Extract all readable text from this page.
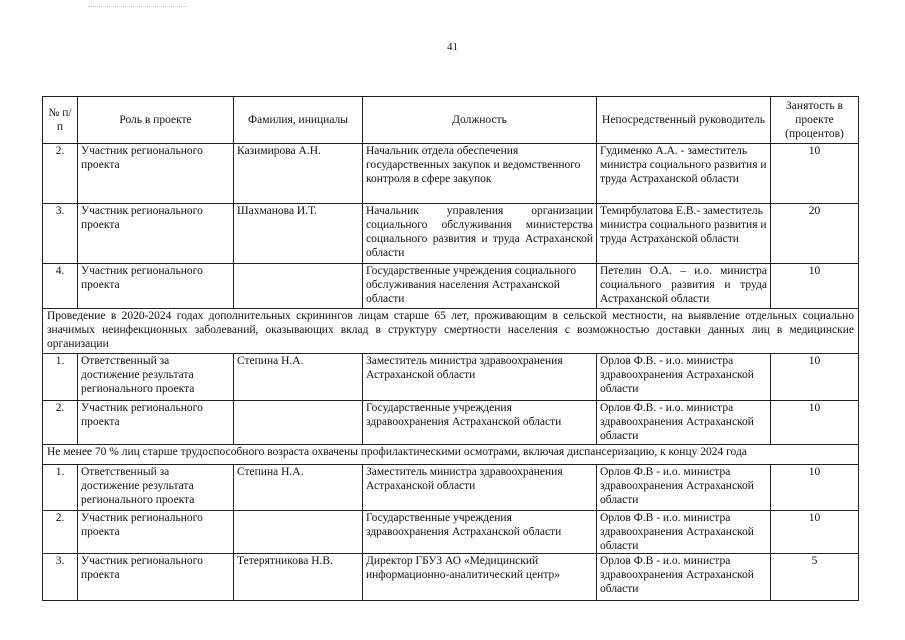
41
№ п/п	Роль в проекте	Фамилия, инициалы	Должность	Непосредственный руководитель	Занятость в проекте (процентов)
2.	Участник регионального проекта	Казимирова А.Н.	Начальник отдела обеспечения государственных закупок и ведомственного контроля в сфере закупок	Гудименко А.А. - заместитель министра социального развития и труда Астраханской области	10
3.	Участник регионального проекта	Шахманова И.Т.	Начальник управления организации социального обслуживания министерства социального развития и труда Астраханской области	Темирбулатова Е.В.- заместитель министра социального развития и труда Астраханской области	20
4.	Участник регионального проекта		Государственные учреждения социального обслуживания населения Астраханской области	Петелин О.А. – и.о. министра социального развития и труда Астраханской области	10
Проведение в 2020-2024 годах дополнительных скринингов лицам старше 65 лет, проживающим в сельской местности, на выявление отдельных социально значимых неинфекционных заболеваний, оказывающих вклад в структуру смертности населения с возможностью доставки данных лиц в медицинские организации					
1.	Ответственный за достижение результата регионального проекта	Степина Н.А.	Заместитель министра здравоохранения Астраханской области	Орлов Ф.В. - и.о. министра здравоохранения Астраханской области	10
2.	Участник регионального проекта		Государственные учреждения здравоохранения Астраханской области	Орлов Ф.В. - и.о. министра здравоохранения Астраханской области	10
Не менее 70 % лиц старше трудоспособного возраста охвачены профилактическими осмотрами, включая диспансеризацию, к концу 2024 года					
1.	Ответственный за достижение результата регионального проекта	Степина Н.А.	Заместитель министра здравоохранения Астраханской области	Орлов Ф.В - и.о. министра здравоохранения Астраханской области	10
2.	Участник регионального проекта		Государственные учреждения здравоохранения Астраханской области	Орлов Ф.В - и.о. министра здравоохранения Астраханской области	10
3.	Участник регионального проекта	Тетерятникова Н.В.	Директор ГБУЗ АО «Медицинский информационно-аналитический центр»	Орлов Ф.В - и.о. министра здравоохранения Астраханской области	5
